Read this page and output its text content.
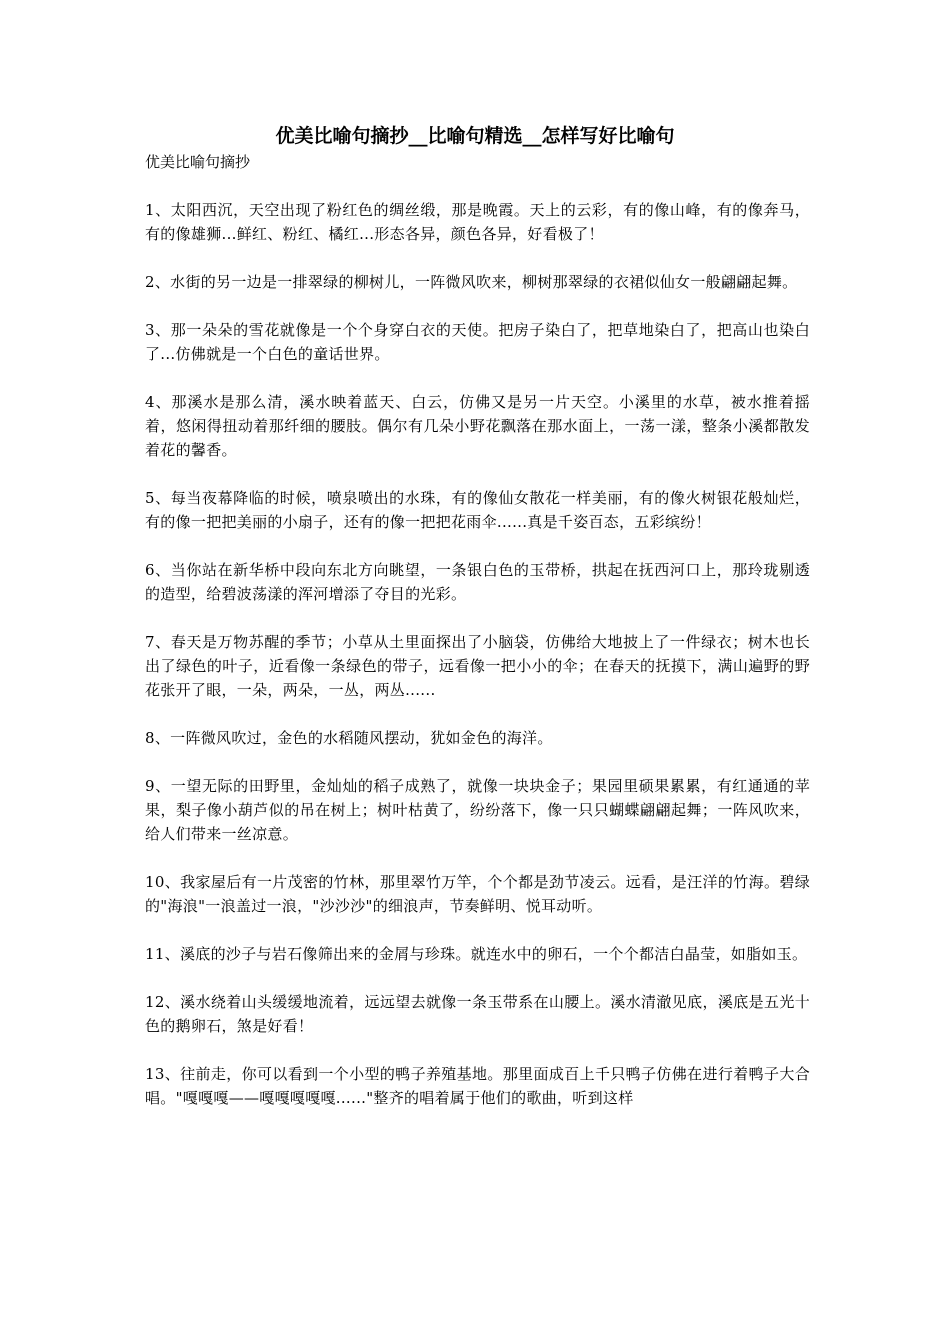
优美比喻句摘抄__比喻句精选__怎样写好比喻句

优美比喻句摘抄

1、太阳西沉，天空出现了粉红色的绸丝缎，那是晚霞。天上的云彩，有的像山峰，有的像奔马，有的像雄狮...鲜红、粉红、橘红...形态各异，颜色各异，好看极了！

2、水街的另一边是一排翠绿的柳树儿，一阵微风吹来，柳树那翠绿的衣裙似仙女一般翩翩起舞。

3、那一朵朵的雪花就像是一个个身穿白衣的天使。把房子染白了，把草地染白了，把高山也染白了...仿佛就是一个白色的童话世界。

4、那溪水是那么清，溪水映着蓝天、白云，仿佛又是另一片天空。小溪里的水草，被水推着摇着，悠闲得扭动着那纤细的腰肢。偶尔有几朵小野花飘落在那水面上，一荡一漾，整条小溪都散发着花的馨香。

5、每当夜幕降临的时候，喷泉喷出的水珠，有的像仙女散花一样美丽，有的像火树银花般灿烂，有的像一把把美丽的小扇子，还有的像一把把花雨伞......真是千姿百态，五彩缤纷！

6、当你站在新华桥中段向东北方向眺望，一条银白色的玉带桥，拱起在抚西河口上，那玲珑剔透的造型，给碧波荡漾的浑河增添了夺目的光彩。

7、春天是万物苏醒的季节；小草从土里面探出了小脑袋，仿佛给大地披上了一件绿衣；树木也长出了绿色的叶子，近看像一条绿色的带子，远看像一把小小的伞；在春天的抚摸下，满山遍野的野花张开了眼，一朵，两朵，一丛，两丛......

8、一阵微风吹过，金色的水稻随风摆动，犹如金色的海洋。

9、一望无际的田野里，金灿灿的稻子成熟了，就像一块块金子；果园里硕果累累，有红通通的苹果，梨子像小葫芦似的吊在树上；树叶枯黄了，纷纷落下，像一只只蝴蝶翩翩起舞；一阵风吹来，给人们带来一丝凉意。

10、我家屋后有一片茂密的竹林，那里翠竹万竿，个个都是劲节凌云。远看，是汪洋的竹海。碧绿的"海浪"一浪盖过一浪，"沙沙沙"的细浪声，节奏鲜明、悦耳动听。

11、溪底的沙子与岩石像筛出来的金屑与珍珠。就连水中的卵石，一个个都洁白晶莹，如脂如玉。

12、溪水绕着山头缓缓地流着，远远望去就像一条玉带系在山腰上。溪水清澈见底，溪底是五光十色的鹅卵石，煞是好看！

13、往前走，你可以看到一个小型的鸭子养殖基地。那里面成百上千只鸭子仿佛在进行着鸭子大合唱。"嘎嘎嘎——嘎嘎嘎嘎嘎......"整齐的唱着属于他们的歌曲，听到这样
